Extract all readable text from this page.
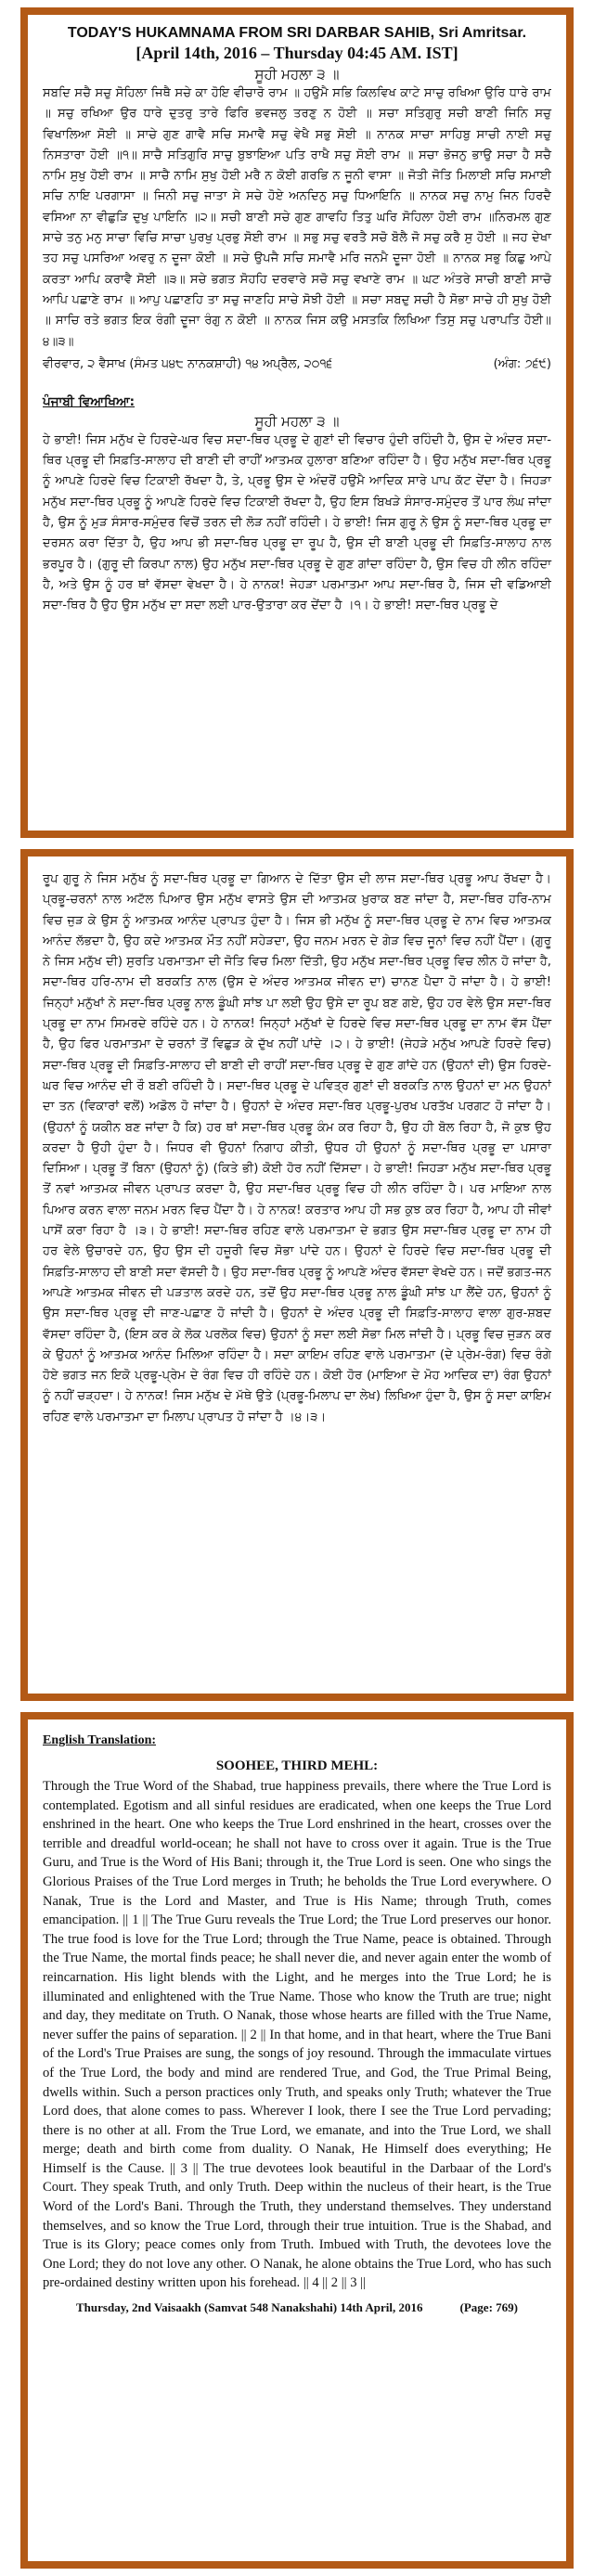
TODAY'S HUKAMNAMA FROM SRI DARBAR SAHIB, Sri Amritsar.
[April 14th, 2016 – Thursday 04:45 AM. IST]
ਸੂਹੀ ਮਹਲਾ ੩ ॥

ਸਬਦਿ ਸਚੈ ਸਚੁ ਸੋਹਿਲਾ ਜਿਥੈ ਸਚੇ ਕਾ ਹੋਇ ਵੀਚਾਰੋ ਰਾਮ ॥ ਹਉਮੈ ਸਭਿ ਕਿਲਵਿਖ ਕਾਟੇ ਸਾਚੁ ਰਖਿਆ ਉਰਿ ਧਾਰੇ ਰਾਮ ॥ ਸਚੁ ਰਖਿਆ ਉਰ ਧਾਰੇ ਦੁਤਰੁ ਤਾਰੇ ਫਿਰਿ ਭਵਜਲੁ ਤਰਣੁ ਨ ਹੋਈ ॥ ਸਚਾ ਸਤਿਗੁਰੁ ਸਚੀ ਬਾਣੀ ਜਿਨਿ ਸਚੁ ਵਿਖਾਲਿਆ ਸੋਈ ॥ ਸਾਚੇ ਗੁਣ ਗਾਵੈ ਸਚਿ ਸਮਾਵੈ ਸਚੁ ਵੇਖੈ ਸਭੁ ਸੋਈ ॥ ਨਾਨਕ ਸਾਚਾ ਸਾਹਿਬੁ ਸਾਚੀ ਨਾਈ ਸਚੁ ਨਿਸਤਾਰਾ ਹੋਈ ॥੧॥ ਸਾਚੈ ਸਤਿਗੁਰਿ ਸਾਚੁ ਬੁਝਾਇਆ ਪਤਿ ਰਾਖੈ ਸਚੁ ਸੋਈ ਰਾਮ ॥ ਸਚਾ ਭੋਜਨੁ ਭਾਉ ਸਚਾ ਹੈ ਸਚੈ ਨਾਮਿ ਸੁਖੁ ਹੋਈ ਰਾਮ ॥ ਸਾਚੈ ਨਾਮਿ ਸੁਖੁ ਹੋਈ ਮਰੈ ਨ ਕੋਈ ਗਰਭਿ ਨ ਜੂਨੀ ਵਾਸਾ ॥ ਜੋਤੀ ਜੋਤਿ ਮਿਲਾਈ ਸਚਿ ਸਮਾਈ ਸਚਿ ਨਾਇ ਪਰਗਾਸਾ ॥ ਜਿਨੀ ਸਚੁ ਜਾਤਾ ਸੇ ਸਚੇ ਹੋਏ ਅਨਦਿਨੁ ਸਚੁ ਧਿਆਇਨਿ ॥ ਨਾਨਕ ਸਚੁ ਨਾਮੁ ਜਿਨ ਹਿਰਦੈ ਵਸਿਆ ਨਾ ਵੀਛੁੜਿ ਦੁਖੁ ਪਾਇਨਿ ॥੨॥ ਸਚੀ ਬਾਣੀ ਸਚੇ ਗੁਣ ਗਾਵਹਿ ਤਿਤੁ ਘਰਿ ਸੋਹਿਲਾ ਹੋਈ ਰਾਮ ॥ਨਿਰਮਲ ਗੁਣ ਸਾਚੇ ਤਨੁ ਮਨੁ ਸਾਚਾ ਵਿਚਿ ਸਾਚਾ ਪੁਰਖੁ ਪ੍ਰਭੁ ਸੋਈ ਰਾਮ ॥ ਸਭੁ ਸਚੁ ਵਰਤੈ ਸਚੋ ਬੋਲੈ ਜੋ ਸਚੁ ਕਰੈ ਸੁ ਹੋਈ ॥ ਜਹ ਦੇਖਾ ਤਹ ਸਚੁ ਪਸਰਿਆ ਅਵਰੁ ਨ ਦੂਜਾ ਕੋਈ ॥ ਸਚੇ ਉਪਜੈ ਸਚਿ ਸਮਾਵੈ ਮਰਿ ਜਨਮੈ ਦੂਜਾ ਹੋਈ ॥ ਨਾਨਕ ਸਭੁ ਕਿਛੁ ਆਪੇ ਕਰਤਾ ਆਪਿ ਕਰਾਵੈ ਸੋਈ ॥੩॥ ਸਚੇ ਭਗਤ ਸੋਹਹਿ ਦਰਵਾਰੇ ਸਚੋ ਸਚੁ ਵਖਾਣੇ ਰਾਮ ॥ ਘਟ ਅੰਤਰੇ ਸਾਚੀ ਬਾਣੀ ਸਾਚੋ ਆਪਿ ਪਛਾਣੇ ਰਾਮ ॥ ਆਪੁ ਪਛਾਣਹਿ ਤਾ ਸਚੁ ਜਾਣਹਿ ਸਾਚੇ ਸੋਝੀ ਹੋਈ ॥ ਸਚਾ ਸਬਦੁ ਸਚੀ ਹੈ ਸੋਭਾ ਸਾਚੇ ਹੀ ਸੁਖੁ ਹੋਈ ॥ ਸਾਚਿ ਰਤੇ ਭਗਤ ਇਕ ਰੰਗੀ ਦੂਜਾ ਰੰਗੁ ਨ ਕੋਈ ॥ ਨਾਨਕ ਜਿਸ ਕਉ ਮਸਤਕਿ ਲਿਖਿਆ ਤਿਸੁ ਸਚੁ ਪਰਾਪਤਿ ਹੋਈ॥੪॥੩॥

ਵੀਰਵਾਰ, ੨ ਵੈਸਾਖ (ਸੰਮਤ ੫੪੮ ਨਾਨਕਸ਼ਾਹੀ) ੧੪ ਅਪ੍ਰੈਲ, ੨੦੧੬	(ਅੰਗ: ੭੬੯)
ਪੰਜਾਬੀ ਵਿਆਖਿਆ:
ਸੂਹੀ ਮਹਲਾ ੩ ॥

ਹੇ ਭਾਈ! ਜਿਸ ਮਨੁੱਖ ਦੇ ਹਿਰਦੇ-ਘਰ ਵਿਚ ਸਦਾ-ਥਿਰ ਪ੍ਰਭੂ ਦੇ ਗੁਣਾਂ ਦੀ ਵਿਚਾਰ ਹੁੰਦੀ ਰਹਿੰਦੀ ਹੈ, ਉਸ ਦੇ ਅੰਦਰ ਸਦਾ-ਥਿਰ ਪ੍ਰਭੂ ਦੀ ਸਿਫ਼ਤਿ-ਸਾਲਾਹ ਦੀ ਬਾਣੀ ਦੀ ਰਾਹੀਂ ਆਤਮਕ ਹੁਲਾਰਾ ਬਣਿਆ ਰਹਿੰਦਾ ਹੈ। ਉਹ ਮਨੁੱਖ ਸਦਾ-ਥਿਰ ਪ੍ਰਭੂ ਨੂੰ ਆਪਣੇ ਹਿਰਦੇ ਵਿਚ ਟਿਕਾਈ ਰੱਖਦਾ ਹੈ, ਤੇ, ਪ੍ਰਭੂ ਉਸ ਦੇ ਅੰਦਰੋਂ ਹਉਮੈ ਆਦਿਕ ਸਾਰੇ ਪਾਪ ਕੱਟ ਦੇਂਦਾ ਹੈ। ਜਿਹੜਾ ਮਨੁੱਖ ਸਦਾ-ਥਿਰ ਪ੍ਰਭੂ ਨੂੰ ਆਪਣੇ ਹਿਰਦੇ ਵਿਚ ਟਿਕਾਈ ਰੱਖਦਾ ਹੈ, ਉਹ ਇਸ ਬਿਖੜੇ ਸੰਸਾਰ-ਸਮੁੰਦਰ ਤੋਂ ਪਾਰ ਲੰਘ ਜਾਂਦਾ ਹੈ, ਉਸ ਨੂੰ ਮੁੜ ਸੰਸਾਰ-ਸਮੁੰਦਰ ਵਿਚੋਂ ਤਰਨ ਦੀ ਲੋੜ ਨਹੀਂ ਰਹਿੰਦੀ। ਹੇ ਭਾਈ! ਜਿਸ ਗੁਰੂ ਨੇ ਉਸ ਨੂੰ ਸਦਾ-ਥਿਰ ਪ੍ਰਭੂ ਦਾ ਦਰਸਨ ਕਰਾ ਦਿੱਤਾ ਹੈ, ਉਹ ਆਪ ਭੀ ਸਦਾ-ਥਿਰ ਪ੍ਰਭੂ ਦਾ ਰੂਪ ਹੈ, ਉਸ ਦੀ ਬਾਣੀ ਪ੍ਰਭੂ ਦੀ ਸਿਫ਼ਤਿ-ਸਾਲਾਹ ਨਾਲ ਭਰਪੂਰ ਹੈ। (ਗੁਰੂ ਦੀ ਕਿਰਪਾ ਨਾਲ) ਉਹ ਮਨੁੱਖ ਸਦਾ-ਥਿਰ ਪ੍ਰਭੂ ਦੇ ਗੁਣ ਗਾਂਦਾ ਰਹਿੰਦਾ ਹੈ, ਉਸ ਵਿਚ ਹੀ ਲੀਨ ਰਹਿੰਦਾ ਹੈ, ਅਤੇ ਉਸ ਨੂੰ ਹਰ ਥਾਂ ਵੱਸਦਾ ਵੇਖਦਾ ਹੈ। ਹੇ ਨਾਨਕ! ਜੇਹੜਾ ਪਰਮਾਤਮਾ ਆਪ ਸਦਾ-ਥਿਰ ਹੈ, ਜਿਸ ਦੀ ਵਡਿਆਈ ਸਦਾ-ਥਿਰ ਹੈ ਉਹ ਉਸ ਮਨੁੱਖ ਦਾ ਸਦਾ ਲਈ ਪਾਰ-ਉਤਾਰਾ ਕਰ ਦੇਂਦਾ ਹੈ ।੧। ਹੇ ਭਾਈ! ਸਦਾ-ਥਿਰ ਪ੍ਰਭੂ ਦੇ

ਰੂਪ ਗੁਰੂ ਨੇ ਜਿਸ ਮਨੁੱਖ ਨੂੰ ਸਦਾ-ਥਿਰ ਪ੍ਰਭੂ ਦਾ ਗਿਆਨ ਦੇ ਦਿੱਤਾ ਉਸ ਦੀ ਲਾਜ ਸਦਾ-ਥਿਰ ਪ੍ਰਭੂ ਆਪ ਰੱਖਦਾ ਹੈ। ਪ੍ਰਭੂ-ਚਰਨਾਂ ਨਾਲ ਅਟੱਲ ਪਿਆਰ ਉਸ ਮਨੁੱਖ ਵਾਸਤੇ ਉਸ ਦੀ ਆਤਮਕ ਖ਼ੁਰਾਕ ਬਣ ਜਾਂਦਾ ਹੈ, ਸਦਾ-ਥਿਰ ਹਰਿ-ਨਾਮ ਵਿਚ ਜੁੜ ਕੇ ਉਸ ਨੂੰ ਆਤਮਕ ਆਨੰਦ ਪ੍ਰਾਪਤ ਹੁੰਦਾ ਹੈ। ਜਿਸ ਭੀ ਮਨੁੱਖ ਨੂੰ ਸਦਾ-ਥਿਰ ਪ੍ਰਭੂ ਦੇ ਨਾਮ ਵਿਚ ਆਤਮਕ ਆਨੰਦ ਲੱਭਦਾ ਹੈ, ਉਹ ਕਦੇ ਆਤਮਕ ਮੌਤ ਨਹੀਂ ਸਹੇੜਦਾ, ਉਹ ਜਨਮ ਮਰਨ ਦੇ ਗੇੜ ਵਿਚ ਜੂਨਾਂ ਵਿਚ ਨਹੀਂ ਪੈਂਦਾ। (ਗੁਰੂ ਨੇ ਜਿਸ ਮਨੁੱਖ ਦੀ) ਸੁਰਤਿ ਪਰਮਾਤਮਾ ਦੀ ਜੋਤਿ ਵਿਚ ਮਿਲਾ ਦਿੱਤੀ, ਉਹ ਮਨੁੱਖ ਸਦਾ-ਥਿਰ ਪ੍ਰਭੂ ਵਿਚ ਲੀਨ ਹੋ ਜਾਂਦਾ ਹੈ, ਸਦਾ-ਥਿਰ ਹਰਿ-ਨਾਮ ਦੀ ਬਰਕਤਿ ਨਾਲ (ਉਸ ਦੇ ਅੰਦਰ ਆਤਮਕ ਜੀਵਨ ਦਾ) ਚਾਨਣ ਪੈਦਾ ਹੋ ਜਾਂਦਾ ਹੈ। ਹੇ ਭਾਈ! ਜਿਨ੍ਹਾਂ ਮਨੁੱਖਾਂ ਨੇ ਸਦਾ-ਥਿਰ ਪ੍ਰਭੂ ਨਾਲ ਡੂੰਘੀ ਸਾਂਝ ਪਾ ਲਈ ਉਹ ਉਸੇ ਦਾ ਰੂਪ ਬਣ ਗਏ, ਉਹ ਹਰ ਵੇਲੇ ਉਸ ਸਦਾ-ਥਿਰ ਪ੍ਰਭੂ ਦਾ ਨਾਮ ਸਿਮਰਦੇ ਰਹਿੰਦੇ ਹਨ। ਹੇ ਨਾਨਕ! ਜਿਨ੍ਹਾਂ ਮਨੁੱਖਾਂ ਦੇ ਹਿਰਦੇ ਵਿਚ ਸਦਾ-ਥਿਰ ਪ੍ਰਭੂ ਦਾ ਨਾਮ ਵੱਸ ਪੈਂਦਾ ਹੈ, ਉਹ ਫਿਰ ਪਰਮਾਤਮਾ ਦੇ ਚਰਨਾਂ ਤੋਂ ਵਿਛੁੜ ਕੇ ਦੁੱਖ ਨਹੀਂ ਪਾਂਦੇ ।੨। ਹੇ ਭਾਈ! (ਜੇਹੜੇ ਮਨੁੱਖ ਆਪਣੇ ਹਿਰਦੇ ਵਿਚ) ਸਦਾ-ਥਿਰ ਪ੍ਰਭੂ ਦੀ ਸਿਫ਼ਤਿ-ਸਾਲਾਹ ਦੀ ਬਾਣੀ ਦੀ ਰਾਹੀਂ ਸਦਾ-ਥਿਰ ਪ੍ਰਭੂ ਦੇ ਗੁਣ ਗਾਂਦੇ ਹਨ (ਉਹਨਾਂ ਦੀ) ਉਸ ਹਿਰਦੇ-ਘਰ ਵਿਚ ਆਨੰਦ ਦੀ ਰੌ ਬਣੀ ਰਹਿੰਦੀ ਹੈ। ਸਦਾ-ਥਿਰ ਪ੍ਰਭੂ ਦੇ ਪਵਿਤ੍ਰ ਗੁਣਾਂ ਦੀ ਬਰਕਤਿ ਨਾਲ ਉਹਨਾਂ ਦਾ ਮਨ ਉਹਨਾਂ ਦਾ ਤਨ (ਵਿਕਾਰਾਂ ਵਲੋਂ) ਅਡੋਲ ਹੋ ਜਾਂਦਾ ਹੈ। ਉਹਨਾਂ ਦੇ ਅੰਦਰ ਸਦਾ-ਥਿਰ ਪ੍ਰਭੂ-ਪੁਰਖ ਪਰਤੱਖ ਪਰਗਟ ਹੋ ਜਾਂਦਾ ਹੈ। (ਉਹਨਾਂ ਨੂੰ ਯਕੀਨ ਬਣ ਜਾਂਦਾ ਹੈ ਕਿ) ਹਰ ਥਾਂ ਸਦਾ-ਥਿਰ ਪ੍ਰਭੂ ਕੰਮ ਕਰ ਰਿਹਾ ਹੈ, ਉਹ ਹੀ ਬੋਲ ਰਿਹਾ ਹੈ, ਜੋ ਕੁਝ ਉਹ ਕਰਦਾ ਹੈ ਉਹੀ ਹੁੰਦਾ ਹੈ। ਜਿਧਰ ਵੀ ਉਹਨਾਂ ਨਿਗਾਹ ਕੀਤੀ, ਉਧਰ ਹੀ ਉਹਨਾਂ ਨੂੰ ਸਦਾ-ਥਿਰ ਪ੍ਰਭੂ ਦਾ ਪਸਾਰਾ ਦਿਸਿਆ। ਪ੍ਰਭੂ ਤੋਂ ਬਿਨਾ (ਉਹਨਾਂ ਨੂੰ) (ਕਿਤੇ ਭੀ) ਕੋਈ ਹੋਰ ਨਹੀਂ ਦਿੱਸਦਾ। ਹੇ ਭਾਈ! ਜਿਹੜਾ ਮਨੁੱਖ ਸਦਾ-ਥਿਰ ਪ੍ਰਭੂ ਤੋਂ ਨਵਾਂ ਆਤਮਕ ਜੀਵਨ ਪ੍ਰਾਪਤ ਕਰਦਾ ਹੈ, ਉਹ ਸਦਾ-ਥਿਰ ਪ੍ਰਭੂ ਵਿਚ ਹੀ ਲੀਨ ਰਹਿੰਦਾ ਹੈ। ਪਰ ਮਾਇਆ ਨਾਲ ਪਿਆਰ ਕਰਨ ਵਾਲਾ ਜਨਮ ਮਰਨ ਵਿਚ ਪੈਂਦਾ ਹੈ। ਹੇ ਨਾਨਕ! ਕਰਤਾਰ ਆਪ ਹੀ ਸਭ ਕੁਝ ਕਰ ਰਿਹਾ ਹੈ, ਆਪ ਹੀ ਜੀਵਾਂ ਪਾਸੋਂ ਕਰਾ ਰਿਹਾ ਹੈ ।੩। ਹੇ ਭਾਈ! ਸਦਾ-ਥਿਰ ਰਹਿਣ ਵਾਲੇ ਪਰਮਾਤਮਾ ਦੇ ਭਗਤ ਉਸ ਸਦਾ-ਥਿਰ ਪ੍ਰਭੂ ਦਾ ਨਾਮ ਹੀ ਹਰ ਵੇਲੇ ਉਚਾਰਦੇ ਹਨ, ਉਹ ਉਸ ਦੀ ਹਜ਼ੂਰੀ ਵਿਚ ਸੋਭਾ ਪਾਂਦੇ ਹਨ। ਉਹਨਾਂ ਦੇ ਹਿਰਦੇ ਵਿਚ ਸਦਾ-ਥਿਰ ਪ੍ਰਭੂ ਦੀ ਸਿਫ਼ਤਿ-ਸਾਲਾਹ ਦੀ ਬਾਣੀ ਸਦਾ ਵੱਸਦੀ ਹੈ। ਉਹ ਸਦਾ-ਥਿਰ ਪ੍ਰਭੂ ਨੂੰ ਆਪਣੇ ਅੰਦਰ ਵੱਸਦਾ ਵੇਖਦੇ ਹਨ। ਜਦੋਂ ਭਗਤ-ਜਨ ਆਪਣੇ ਆਤਮਕ ਜੀਵਨ ਦੀ ਪੜਤਾਲ ਕਰਦੇ ਹਨ, ਤਦੋਂ ਉਹ ਸਦਾ-ਥਿਰ ਪ੍ਰਭੂ ਨਾਲ ਡੂੰਘੀ ਸਾਂਝ ਪਾ ਲੈਂਦੇ ਹਨ, ਉਹਨਾਂ ਨੂੰ ਉਸ ਸਦਾ-ਥਿਰ ਪ੍ਰਭੂ ਦੀ ਜਾਣ-ਪਛਾਣ ਹੋ ਜਾਂਦੀ ਹੈ। ਉਹਨਾਂ ਦੇ ਅੰਦਰ ਪ੍ਰਭੂ ਦੀ ਸਿਫ਼ਤਿ-ਸਾਲਾਹ ਵਾਲਾ ਗੁਰ-ਸ਼ਬਦ ਵੱਸਦਾ ਰਹਿੰਦਾ ਹੈ, (ਇਸ ਕਰ ਕੇ ਲੋਕ ਪਰਲੋਕ ਵਿਚ) ਉਹਨਾਂ ਨੂੰ ਸਦਾ ਲਈ ਸੋਭਾ ਮਿਲ ਜਾਂਦੀ ਹੈ। ਪ੍ਰਭੂ ਵਿਚ ਜੁੜਨ ਕਰ ਕੇ ਉਹਨਾਂ ਨੂੰ ਆਤਮਕ ਆਨੰਦ ਮਿਲਿਆ ਰਹਿੰਦਾ ਹੈ। ਸਦਾ ਕਾਇਮ ਰਹਿਣ ਵਾਲੇ ਪਰਮਾਤਮਾ (ਦੇ ਪ੍ਰੇਮ-ਰੰਗ) ਵਿਚ ਰੰਗੇ ਹੋਏ ਭਗਤ ਜਨ ਇਕੋ ਪ੍ਰਭੂ-ਪ੍ਰੇਮ ਦੇ ਰੰਗ ਵਿਚ ਹੀ ਰਹਿੰਦੇ ਹਨ। ਕੋਈ ਹੋਰ (ਮਾਇਆ ਦੇ ਮੋਹ ਆਦਿਕ ਦਾ) ਰੰਗ ਉਹਨਾਂ ਨੂੰ ਨਹੀਂ ਚੜ੍ਹਦਾ। ਹੇ ਨਾਨਕ! ਜਿਸ ਮਨੁੱਖ ਦੇ ਮੱਥੇ ਉਤੇ (ਪ੍ਰਭੂ-ਮਿਲਾਪ ਦਾ ਲੇਖ) ਲਿਖਿਆ ਹੁੰਦਾ ਹੈ, ਉਸ ਨੂੰ ਸਦਾ ਕਾਇਮ ਰਹਿਣ ਵਾਲੇ ਪਰਮਾਤਮਾ ਦਾ ਮਿਲਾਪ ਪ੍ਰਾਪਤ ਹੋ ਜਾਂਦਾ ਹੈ ।੪।੩।

English Translation:
SOOHEE, THIRD MEHL:

Through the True Word of the Shabad, true happiness prevails, there where the True Lord is contemplated. Egotism and all sinful residues are eradicated, when one keeps the True Lord enshrined in the heart. One who keeps the True Lord enshrined in the heart, crosses over the terrible and dreadful world-ocean; he shall not have to cross over it again. True is the True Guru, and True is the Word of His Bani; through it, the True Lord is seen. One who sings the Glorious Praises of the True Lord merges in Truth; he beholds the True Lord everywhere. O Nanak, True is the Lord and Master, and True is His Name; through Truth, comes emancipation. || 1 || The True Guru reveals the True Lord; the True Lord preserves our honor. The true food is love for the True Lord; through the True Name, peace is obtained. Through the True Name, the mortal finds peace; he shall never die, and never again enter the womb of reincarnation. His light blends with the Light, and he merges into the True Lord; he is illuminated and enlightened with the True Name. Those who know the Truth are true; night and day, they meditate on Truth. O Nanak, those whose hearts are filled with the True Name, never suffer the pains of separation. || 2 || In that home, and in that heart, where the True Bani of the Lord's True Praises are sung, the songs of joy resound. Through the immaculate virtues of the True Lord, the body and mind are rendered True, and God, the True Primal Being, dwells within. Such a person practices only Truth, and speaks only Truth; whatever the True Lord does, that alone comes to pass. Wherever I look, there I see the True Lord pervading; there is no other at all. From the True Lord, we emanate, and into the True Lord, we shall merge; death and birth come from duality. O Nanak, He Himself does everything; He Himself is the Cause. || 3 || The true devotees look beautiful in the Darbaar of the Lord's Court. They speak Truth, and only Truth. Deep within the nucleus of their heart, is the True Word of the Lord's Bani. Through the Truth, they understand themselves. They understand themselves, and so know the True Lord, through their true intuition. True is the Shabad, and True is its Glory; peace comes only from Truth. Imbued with Truth, the devotees love the One Lord; they do not love any other. O Nanak, he alone obtains the True Lord, who has such pre-ordained destiny written upon his forehead. || 4 || 2 || 3 ||

Thursday, 2nd Vaisaakh (Samvat 548 Nanakshahi) 14th April, 2016	(Page: 769)
